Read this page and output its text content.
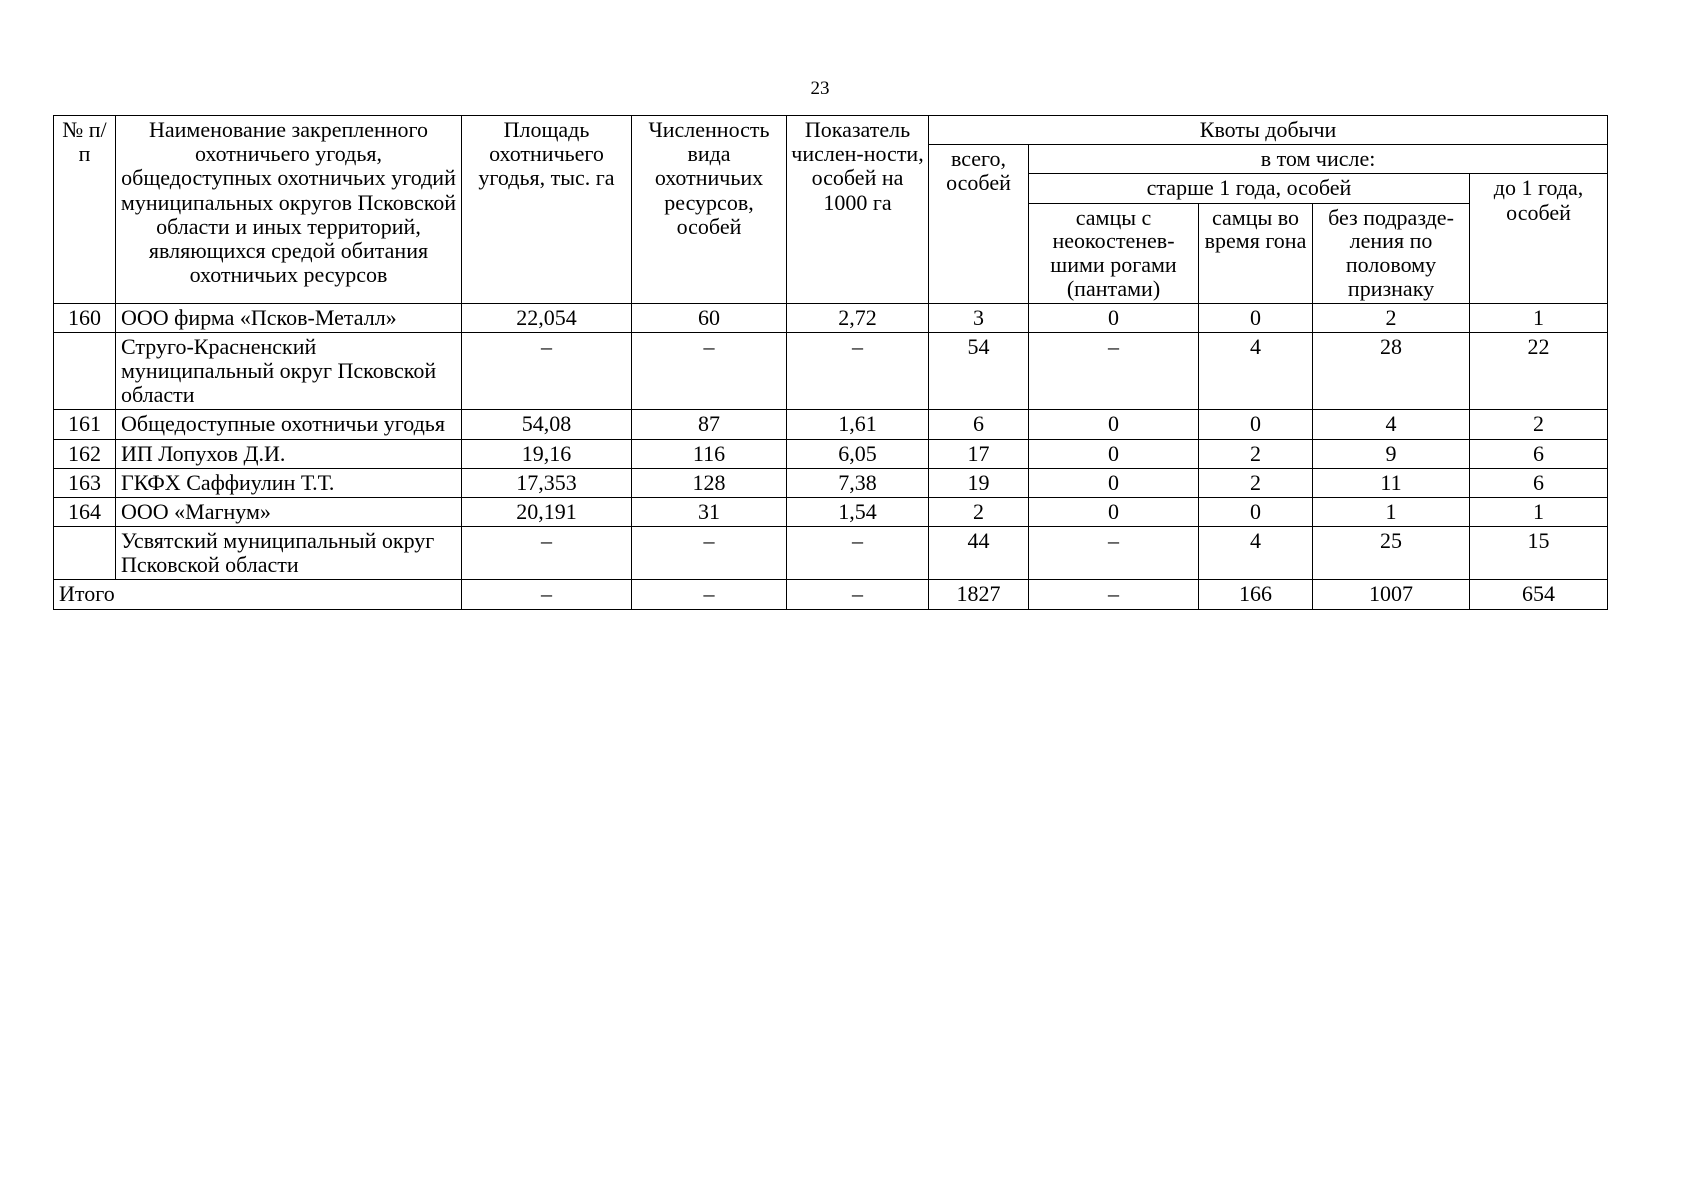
23
№ п/п	Наименование закрепленного охотничьего угодья, общедоступных охотничьих угодий муниципальных округов Псковской области и иных территорий, являющихся средой обитания охотничьих ресурсов	Площадь охотничьего угодья, тыс. га	Численность вида охотничьих ресурсов, особей	Показатель числен-ности, особей на 1000 га	Квоты добычи				
					всего, особей	в том числе:			
						старше 1 года, особей			до 1 года, особей
						самцы с неокостенев-шими рогами (пантами)	самцы во время гона	без подразде-ления по половому признаку	
160	ООО фирма «Псков-Металл»	22,054	60	2,72	3	0	0	2	1
	Струго-Красненский муниципальный округ Псковской области	–	–	–	54	–	4	28	22
161	Общедоступные охотничьи угодья	54,08	87	1,61	6	0	0	4	2
162	ИП Лопухов Д.И.	19,16	116	6,05	17	0	2	9	6
163	ГКФХ Саффиулин Т.Т.	17,353	128	7,38	19	0	2	11	6
164	ООО «Магнум»	20,191	31	1,54	2	0	0	1	1
	Усвятский муниципальный округ Псковской области	–	–	–	44	–	4	25	15
Итого		–	–	–	1827	–	166	1007	654
